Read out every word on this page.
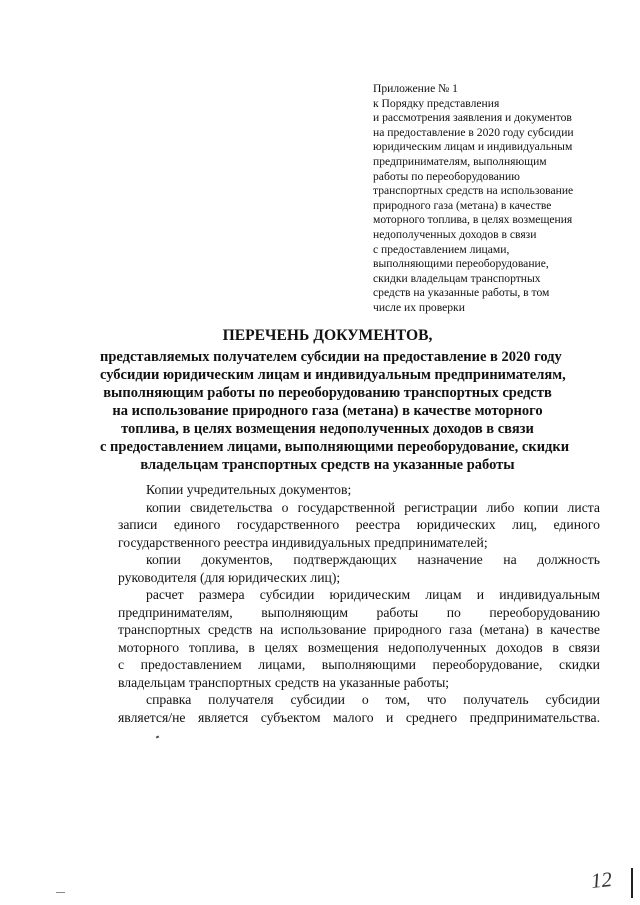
Приложение № 1
к Порядку представления
и рассмотрения заявления и документов
на предоставление в 2020 году субсидии
юридическим лицам и индивидуальным
предпринимателям, выполняющим
работы по переоборудованию
транспортных средств на использование
природного газа (метана) в качестве
моторного топлива, в целях возмещения
недополученных доходов в связи
с предоставлением лицами,
выполняющими переоборудование,
скидки владельцам транспортных
средств на указанные работы, в том
числе их проверки
ПЕРЕЧЕНЬ ДОКУМЕНТОВ,
представляемых получателем субсидии на предоставление в 2020 году
субсидии юридическим лицам и индивидуальным предпринимателям,
выполняющим работы по переоборудованию транспортных средств
на использование природного газа (метана) в качестве моторного
топлива, в целях возмещения недополученных доходов в связи
с предоставлением лицами, выполняющими переоборудование, скидки
владельцам транспортных средств на указанные работы
Копии учредительных документов;
копии свидетельства о государственной регистрации либо копии листа
записи единого государственного реестра юридических лиц, единого
государственного реестра индивидуальных предпринимателей;
копии документов, подтверждающих назначение на должность
руководителя (для юридических лиц);
расчет размера субсидии юридическим лицам и индивидуальным
предпринимателям, выполняющим работы по переоборудованию
транспортных средств на использование природного газа (метана) в качестве
моторного топлива, в целях возмещения недополученных доходов в связи
с предоставлением лицами, выполняющими переоборудование, скидки
владельцам транспортных средств на указанные работы;
справка получателя субсидии о том, что получатель субсидии
является/не является субъектом малого и среднего предпринимательства.
12
